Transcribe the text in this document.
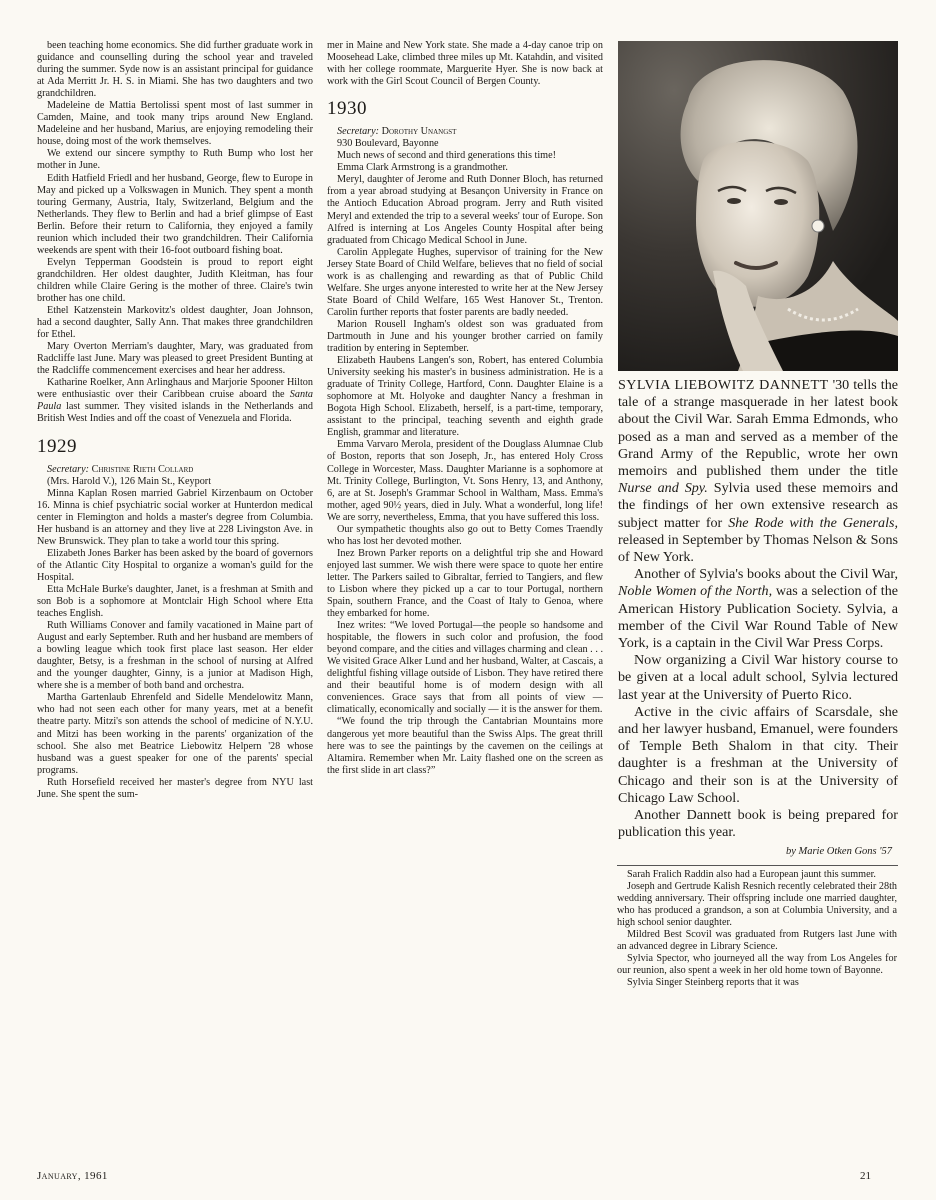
been teaching home economics. She did further graduate work in guidance and counselling during the school year and traveled during the summer. Syde now is an assistant principal for guidance at Ada Merritt Jr. H. S. in Miami. She has two daughters and two grandchildren.

Madeleine de Mattia Bertolissi spent most of last summer in Camden, Maine, and took many trips around New England. Madeleine and her husband, Marius, are enjoying remodeling their house, doing most of the work themselves.

We extend our sincere sympthy to Ruth Bump who lost her mother in June.

Edith Hatfield Friedl and her husband, George, flew to Europe in May and picked up a Volkswagen in Munich. They spent a month touring Germany, Austria, Italy, Switzerland, Belgium and the Netherlands. They flew to Berlin and had a brief glimpse of East Berlin. Before their return to California, they enjoyed a family reunion which included their two grandchildren. Their California weekends are spent with their 16-foot outboard fishing boat.

Evelyn Tepperman Goodstein is proud to report eight grandchildren. Her oldest daughter, Judith Kleitman, has four children while Claire Gering is the mother of three. Claire's twin brother has one child.

Ethel Katzenstein Markovitz's oldest daughter, Joan Johnson, had a second daughter, Sally Ann. That makes three grandchildren for Ethel.

Mary Overton Merriam's daughter, Mary, was graduated from Radcliffe last June. Mary was pleased to greet President Bunting at the Radcliffe commencement exercises and hear her address.

Katharine Roelker, Ann Arlinghaus and Marjorie Spooner Hilton were enthusiastic over their Caribbean cruise aboard the Santa Paula last summer. They visited islands in the Netherlands and British West Indies and off the coast of Venezuela and Florida.

1929

Secretary: Christine Rieth Collard

(Mrs. Harold V.), 126 Main St., Keyport

Minna Kaplan Rosen married Gabriel Kirzenbaum on October 16. Minna is chief psychiatric social worker at Hunterdon medical center in Flemington and holds a master's degree from Columbia. Her husband is an attorney and they live at 228 Livingston Ave. in New Brunswick. They plan to take a world tour this spring.

Elizabeth Jones Barker has been asked by the board of governors of the Atlantic City Hospital to organize a woman's guild for the Hospital.

Etta McHale Burke's daughter, Janet, is a freshman at Smith and son Bob is a sophomore at Montclair High School where Etta teaches English.

Ruth Williams Conover and family vacationed in Maine part of August and early September. Ruth and her husband are members of a bowling league which took first place last season. Her elder daughter, Betsy, is a freshman in the school of nursing at Alfred and the younger daughter, Ginny, is a junior at Madison High, where she is a member of both band and orchestra.

Martha Gartenlaub Ehrenfeld and Sidelle Mendelowitz Mann, who had not seen each other for many years, met at a benefit theatre party. Mitzi's son attends the school of medicine of N.Y.U. and Mitzi has been working in the parents' organization of the school. She also met Beatrice Liebowitz Helpern '28 whose husband was a guest speaker for one of the parents' special programs.

Ruth Horsefield received her master's degree from NYU last June. She spent the sum-

mer in Maine and New York state. She made a 4-day canoe trip on Moosehead Lake, climbed three miles up Mt. Katahdin, and visited with her college roommate, Marguerite Hyer. She is now back at work with the Girl Scout Council of Bergen County.

1930

Secretary: Dorothy Unangst

930 Boulevard, Bayonne

Much news of second and third generations this time!

Emma Clark Armstrong is a grandmother.

Meryl, daughter of Jerome and Ruth Donner Bloch, has returned from a year abroad studying at Besançon University in France on the Antioch Education Abroad program. Jerry and Ruth visited Meryl and extended the trip to a several weeks' tour of Europe. Son Alfred is interning at Los Angeles County Hospital after being graduated from Chicago Medical School in June.

Carolin Applegate Hughes, supervisor of training for the New Jersey State Board of Child Welfare, believes that no field of social work is as challenging and rewarding as that of Public Child Welfare. She urges anyone interested to write her at the New Jersey State Board of Child Welfare, 165 West Hanover St., Trenton. Carolin further reports that foster parents are badly needed.

Marion Rousell Ingham's oldest son was graduated from Dartmouth in June and his younger brother carried on family tradition by entering in September.

Elizabeth Haubens Langen's son, Robert, has entered Columbia University seeking his master's in business administration. He is a graduate of Trinity College, Hartford, Conn. Daughter Elaine is a sophomore at Mt. Holyoke and daughter Nancy a freshman in Bogota High School. Elizabeth, herself, is a part-time, temporary, assistant to the principal, teaching seventh and eighth grade English, grammar and literature.

Emma Varvaro Merola, president of the Douglass Alumnae Club of Boston, reports that son Joseph, Jr., has entered Holy Cross College in Worcester, Mass. Daughter Marianne is a sophomore at Mt. Trinity College, Burlington, Vt. Sons Henry, 13, and Anthony, 6, are at St. Joseph's Grammar School in Waltham, Mass. Emma's mother, aged 90½ years, died in July. What a wonderful, long life! We are sorry, nevertheless, Emma, that you have suffered this loss.

Our sympathetic thoughts also go out to Betty Comes Traendly who has lost her devoted mother.

Inez Brown Parker reports on a delightful trip she and Howard enjoyed last summer. We wish there were space to quote her entire letter. The Parkers sailed to Gibraltar, ferried to Tangiers, and flew to Lisbon where they picked up a car to tour Portugal, northern Spain, southern France, and the Coast of Italy to Genoa, where they embarked for home.

Inez writes: “We loved Portugal—the people so handsome and hospitable, the flowers in such color and profusion, the food beyond compare, and the cities and villages charming and clean . . . We visited Grace Alker Lund and her husband, Walter, at Cascais, a delightful fishing village outside of Lisbon. They have retired there and their beautiful home is of modern design with all conveniences. Grace says that from all points of view — climatically, economically and socially — it is the answer for them.

“We found the trip through the Cantabrian Mountains more dangerous yet more beautiful than the Swiss Alps. The great thrill here was to see the paintings by the cavemen on the ceilings at Altamira. Remember when Mr. Laity flashed one on the screen as the first slide in art class?”

SYLVIA LIEBOWITZ DANNETT '30 tells the tale of a strange masquerade in her latest book about the Civil War. Sarah Emma Edmonds, who posed as a man and served as a member of the Grand Army of the Republic, wrote her own memoirs and published them under the title Nurse and Spy. Sylvia used these memoirs and the findings of her own extensive research as subject matter for She Rode with the Generals, released in September by Thomas Nelson & Sons of New York.

Another of Sylvia's books about the Civil War, Noble Women of the North, was a selection of the American History Publication Society. Sylvia, a member of the Civil War Round Table of New York, is a captain in the Civil War Press Corps.

Now organizing a Civil War history course to be given at a local adult school, Sylvia lectured last year at the University of Puerto Rico.

Active in the civic affairs of Scarsdale, she and her lawyer husband, Emanuel, were founders of Temple Beth Shalom in that city. Their daughter is a freshman at the University of Chicago and their son is at the University of Chicago Law School.

Another Dannett book is being prepared for publication this year.

by Marie Otken Gons '57

Sarah Fralich Raddin also had a European jaunt this summer.

Joseph and Gertrude Kalish Resnich recently celebrated their 28th wedding anniversary. Their offspring include one married daughter, who has produced a grandson, a son at Columbia University, and a high school senior daughter.

Mildred Best Scovil was graduated from Rutgers last June with an advanced degree in Library Science.

Sylvia Spector, who journeyed all the way from Los Angeles for our reunion, also spent a week in her old home town of Bayonne.

Sylvia Singer Steinberg reports that it was

January, 1961	21
